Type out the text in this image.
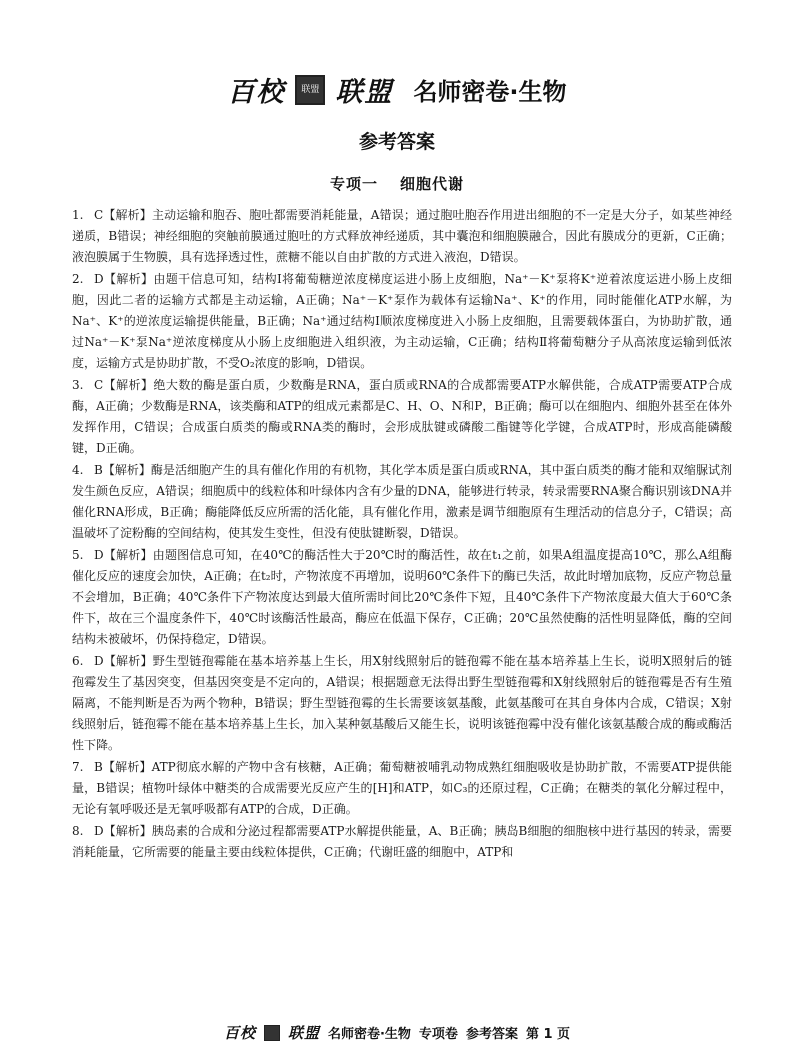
百校	联盟 联盟 名师密卷·生物
参考答案
专项一 细胞代谢

1. C【解析】主动运输和胞吞、胞吐都需要消耗能量，A错误；通过胞吐胞吞作用进出细胞的不一定是大分子，如某些神经递质，B错误；神经细胞的突触前膜通过胞吐的方式释放神经递质，其中囊泡和细胞膜融合，因此有膜成分的更新，C正确；液泡膜属于生物膜，具有选择透过性，蔗糖不能以自由扩散的方式进入液泡，D错误。

2. D【解析】由题干信息可知，结构Ⅰ将葡萄糖逆浓度梯度运进小肠上皮细胞，Na⁺－K⁺泵将K⁺逆着浓度运进小肠上皮细胞，因此二者的运输方式都是主动运输，A正确；Na⁺－K⁺泵作为载体有运输Na⁺、K⁺的作用，同时能催化ATP水解，为Na⁺、K⁺的逆浓度运输提供能量，B正确；Na⁺通过结构Ⅰ顺浓度梯度进入小肠上皮细胞，且需要载体蛋白，为协助扩散，通过Na⁺－K⁺泵Na⁺逆浓度梯度从小肠上皮细胞进入组织液，为主动运输，C正确；结构Ⅱ将葡萄糖分子从高浓度运输到低浓度，运输方式是协助扩散，不受O₂浓度的影响，D错误。

3. C【解析】绝大数的酶是蛋白质，少数酶是RNA，蛋白质或RNA的合成都需要ATP水解供能，合成ATP需要ATP合成酶，A正确；少数酶是RNA，该类酶和ATP的组成元素都是C、H、O、N和P，B正确；酶可以在细胞内、细胞外甚至在体外发挥作用，C错误；合成蛋白质类的酶或RNA类的酶时，会形成肽键或磷酸二酯键等化学键，合成ATP时，形成高能磷酸键，D正确。

4. B【解析】酶是活细胞产生的具有催化作用的有机物，其化学本质是蛋白质或RNA，其中蛋白质类的酶才能和双缩脲试剂发生颜色反应，A错误；细胞质中的线粒体和叶绿体内含有少量的DNA，能够进行转录，转录需要RNA聚合酶识别该DNA并催化RNA形成，B正确；酶能降低反应所需的活化能，具有催化作用，激素是调节细胞原有生理活动的信息分子，C错误；高温破坏了淀粉酶的空间结构，使其发生变性，但没有使肽键断裂，D错误。

5. D【解析】由题图信息可知，在40℃的酶活性大于20℃时的酶活性，故在t₁之前，如果A组温度提高10℃，那么A组酶催化反应的速度会加快，A正确；在t₂时，产物浓度不再增加，说明60℃条件下的酶已失活，故此时增加底物，反应产物总量不会增加，B正确；40℃条件下产物浓度达到最大值所需时间比20℃条件下短，且40℃条件下产物浓度最大值大于60℃条件下，故在三个温度条件下，40℃时该酶活性最高，酶应在低温下保存，C正确；20℃虽然使酶的活性明显降低，酶的空间结构未被破坏，仍保持稳定，D错误。

6. D【解析】野生型链孢霉能在基本培养基上生长，用X射线照射后的链孢霉不能在基本培养基上生长，说明X照射后的链孢霉发生了基因突变，但基因突变是不定向的，A错误；根据题意无法得出野生型链孢霉和X射线照射后的链孢霉是否有生殖隔离，不能判断是否为两个物种，B错误；野生型链孢霉的生长需要该氨基酸，此氨基酸可在其自身体内合成，C错误；X射线照射后，链孢霉不能在基本培养基上生长，加入某种氨基酸后又能生长，说明该链孢霉中没有催化该氨基酸合成的酶或酶活性下降。

7. B【解析】ATP彻底水解的产物中含有核糖，A正确；葡萄糖被哺乳动物成熟红细胞吸收是协助扩散，不需要ATP提供能量，B错误；植物叶绿体中糖类的合成需要光反应产生的[H]和ATP，如C₃的还原过程，C正确；在糖类的氧化分解过程中，无论有氧呼吸还是无氧呼吸都有ATP的合成，D正确。

8. D【解析】胰岛素的合成和分泌过程都需要ATP水解提供能量，A、B正确；胰岛B细胞的细胞核中进行基因的转录，需要消耗能量，它所需要的能量主要由线粒体提供，C正确；代谢旺盛的细胞中，ATP和

百校 联盟 名师密卷·生物 专项卷 参考答案 第 1 页
